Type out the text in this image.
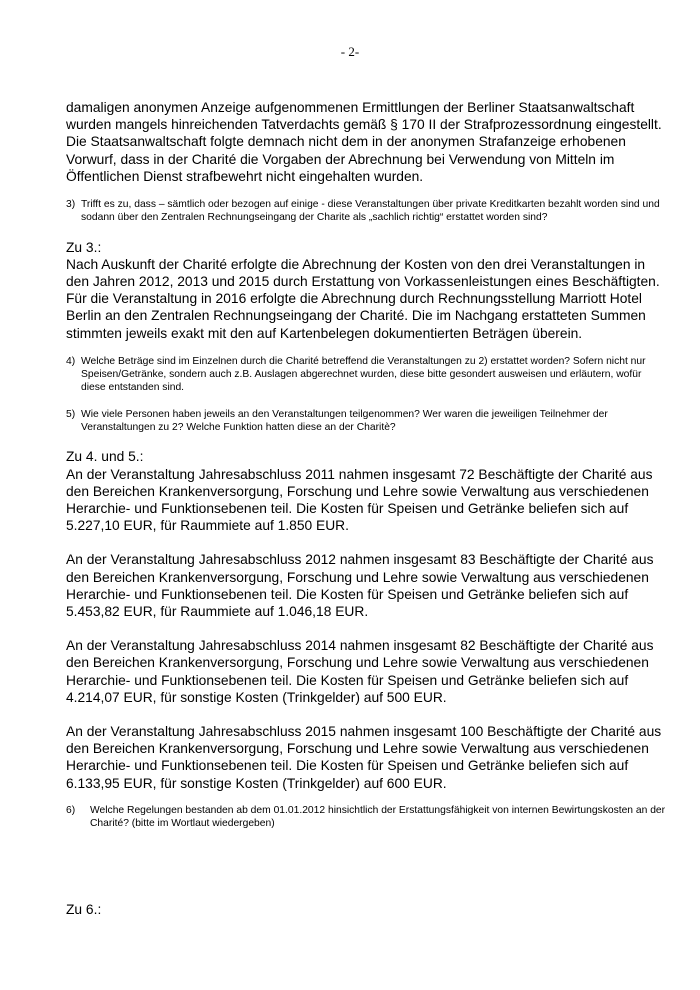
- 2-

damaligen anonymen Anzeige aufgenommenen Ermittlungen der Berliner Staatsanwaltschaft wurden mangels hinreichenden Tatverdachts gemäß § 170 II der Strafprozessordnung eingestellt. Die Staatsanwaltschaft folgte demnach nicht dem in der anonymen Strafanzeige erhobenen Vorwurf, dass in der Charité die Vorgaben der Abrechnung bei Verwendung von Mitteln im Öffentlichen Dienst strafbewehrt nicht eingehalten wurden.

3) Trifft es zu, dass – sämtlich oder bezogen auf einige - diese Veranstaltungen über private Kreditkarten bezahlt worden sind und sodann über den Zentralen Rechnungseingang der Charite als „sachlich richtig“ erstattet worden sind?

Zu 3.:

Nach Auskunft der Charité erfolgte die Abrechnung der Kosten von den drei Veranstaltungen in den Jahren 2012, 2013 und 2015 durch Erstattung von Vorkassenleistungen eines Beschäftigten. Für die Veranstaltung in 2016 erfolgte die Abrechnung durch Rechnungsstellung Marriott Hotel Berlin an den Zentralen Rechnungseingang der Charité. Die im Nachgang erstatteten Summen stimmten jeweils exakt mit den auf Kartenbelegen dokumentierten Beträgen überein.

4) Welche Beträge sind im Einzelnen durch die Charité betreffend die Veranstaltungen zu 2) erstattet worden? Sofern nicht nur Speisen/Getränke, sondern auch z.B. Auslagen abgerechnet wurden, diese bitte gesondert ausweisen und erläutern, wofür diese entstanden sind.
5) Wie viele Personen haben jeweils an den Veranstaltungen teilgenommen? Wer waren die jeweiligen Teilnehmer der Veranstaltungen zu 2? Welche Funktion hatten diese an der Charitè?

Zu 4. und 5.:

An der Veranstaltung Jahresabschluss 2011 nahmen insgesamt 72 Beschäftigte der Charité aus den Bereichen Krankenversorgung, Forschung und Lehre sowie Verwaltung aus verschiedenen Herarchie- und Funktionsebenen teil. Die Kosten für Speisen und Getränke beliefen sich auf 5.227,10 EUR, für Raummiete auf 1.850 EUR.

An der Veranstaltung Jahresabschluss 2012 nahmen insgesamt 83 Beschäftigte der Charité aus den Bereichen Krankenversorgung, Forschung und Lehre sowie Verwaltung aus verschiedenen Herarchie- und Funktionsebenen teil. Die Kosten für Speisen und Getränke beliefen sich auf 5.453,82 EUR, für Raummiete auf 1.046,18 EUR.

An der Veranstaltung Jahresabschluss 2014 nahmen insgesamt 82 Beschäftigte der Charité aus den Bereichen Krankenversorgung, Forschung und Lehre sowie Verwaltung aus verschiedenen Herarchie- und Funktionsebenen teil. Die Kosten für Speisen und Getränke beliefen sich auf 4.214,07 EUR, für sonstige Kosten (Trinkgelder) auf 500 EUR.

An der Veranstaltung Jahresabschluss 2015 nahmen insgesamt 100 Beschäftigte der Charité aus den Bereichen Krankenversorgung, Forschung und Lehre sowie Verwaltung aus verschiedenen Herarchie- und Funktionsebenen teil. Die Kosten für Speisen und Getränke beliefen sich auf 6.133,95 EUR, für sonstige Kosten (Trinkgelder) auf 600 EUR.

6)	Welche Regelungen bestanden ab dem 01.01.2012 hinsichtlich der Erstattungsfähigkeit von internen Bewirtungskosten an der Charité? (bitte im Wortlaut wiedergeben)
Zu 6.:
